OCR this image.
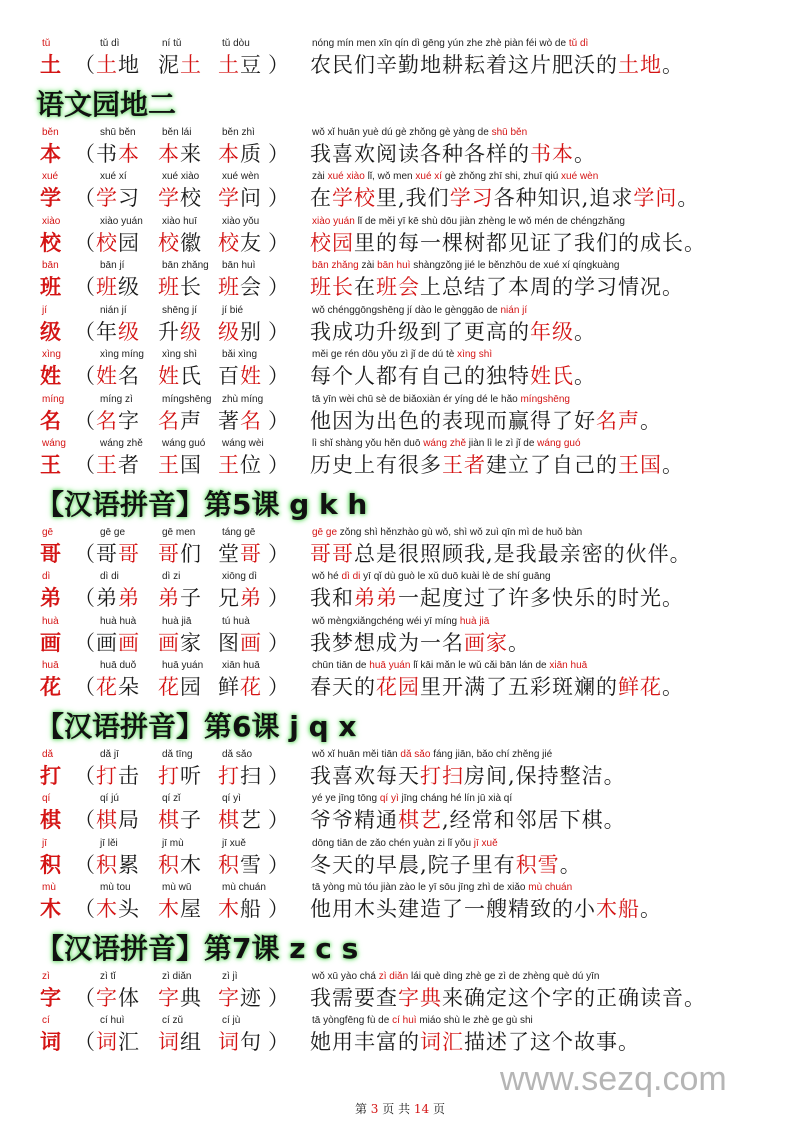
tǔ
土 （
tǔ dì
土地
ní tǔ
泥土
tǔ dòu
土豆 ）
nóng mín men xīn qín dì gēng yún zhe zhè piàn féi wò de tǔ dì
农民们辛勤地耕耘着这片肥沃的土地。
语文园地二
běn
本 （
shū běn
书本
běn lái
本来
běn zhì
本质 ）
wǒ xǐ huān yuè dú gè zhǒng gè yàng de shū běn
我喜欢阅读各种各样的书本。
xué
学 （
xué xí
学习
xué xiào
学校
xué wèn
学问 ）
zài xué xiào lǐ, wǒ men xué xí gè zhǒng zhī shi, zhuī qiú xué wèn
在学校里,我们学习各种知识,追求学问。
xiào
校 （
xiào yuán
校园
xiào huī
校徽
xiào yǒu
校友 ）
xiào yuán lǐ de měi yī kē shù dōu jiàn zhèng le wǒ mén de chéngzhǎng
校园里的每一棵树都见证了我们的成长。
bān
班 （
bān jí
班级
bān zhǎng
班长
bān huì
班会 ）
bān zhǎng zài bān huì shàngzǒng jié le běnzhōu de xué xí qíngkuàng
班长在班会上总结了本周的学习情况。
jí
级 （
nián jí
年级
shēng jí
升级
jí bié
级别 ）
wǒ chénggōngshēng jí dào le gènggāo de nián jí
我成功升级到了更高的年级。
xìng
姓 （
xìng míng
姓名
xìng shì
姓氏
bǎi xìng
百姓 ）
měi ge rén dōu yǒu zì jǐ de dú tè xìng shì
每个人都有自己的独特姓氏。
míng
名 （
míng zì
名字
míngshēng
名声
zhù míng
著名 ）
tā yīn wèi chū sè de biǎoxiàn ér yíng dé le hǎo míngshēng
他因为出色的表现而赢得了好名声。
wáng
王 （
wáng zhě
王者
wáng guó
王国
wáng wèi
王位 ）
lì shǐ shàng yǒu hěn duō wáng zhě jiàn lì le zì jǐ de wáng guó
历史上有很多王者建立了自己的王国。
【汉语拼音】第5课 g k h
gē
哥 （
gē ge
哥哥
gē men
哥们
táng gē
堂哥 ）
gē ge zǒng shì hěnzhào gù wǒ, shì wǒ zuì qīn mì de huǒ bàn
哥哥总是很照顾我,是我最亲密的伙伴。
dì
弟 （
dì di
弟弟
dì zi
弟子
xiōng dì
兄弟 ）
wǒ hé dì di yī qǐ dù guò le xǔ duō kuài lè de shí guāng
我和弟弟一起度过了许多快乐的时光。
huà
画 （
huà huà
画画
huà jiā
画家
tú huà
图画 ）
wǒ mèngxiǎngchéng wéi yī míng huà jiā
我梦想成为一名画家。
huā
花 （
huā duǒ
花朵
huā yuán
花园
xiān huā
鲜花 ）
chūn tiān de huā yuán lǐ kāi mǎn le wǔ cǎi bān lán de xiān huā
春天的花园里开满了五彩斑斓的鲜花。
【汉语拼音】第6课 j q x
dǎ
打 （
dǎ jī
打击
dǎ tīng
打听
dǎ sǎo
打扫 ）
wǒ xǐ huān měi tiān dǎ sǎo fáng jiān, bǎo chí zhěng jié
我喜欢每天打扫房间,保持整洁。
qí
棋 （
qí jú
棋局
qí zǐ
棋子
qí yì
棋艺 ）
yé ye jīng tōng qí yì jīng cháng hé lín jū xià qí
爷爷精通棋艺,经常和邻居下棋。
jī
积 （
jī lěi
积累
jī mù
积木
jī xuě
积雪 ）
dōng tiān de zǎo chén yuàn zi lǐ yǒu jī xuě
冬天的早晨,院子里有积雪。
mù
木 （
mù tou
木头
mù wū
木屋
mù chuán
木船 ）
tā yòng mù tóu jiàn zào le yī sōu jīng zhì de xiǎo mù chuán
他用木头建造了一艘精致的小木船。
【汉语拼音】第7课 z c s
zì
字 （
zì tǐ
字体
zì diǎn
字典
zì jì
字迹 ）
wǒ xū yào chá zì diǎn lái què dìng zhè ge zì de zhèng què dú yīn
我需要查字典来确定这个字的正确读音。
cí
词 （
cí huì
词汇
cí zǔ
词组
cí jù
词句 ）
tā yòngfēng fù de cí huì miáo shù le zhè ge gù shi
她用丰富的词汇描述了这个故事。
www.sezq.com
第 3 页 共 14 页
